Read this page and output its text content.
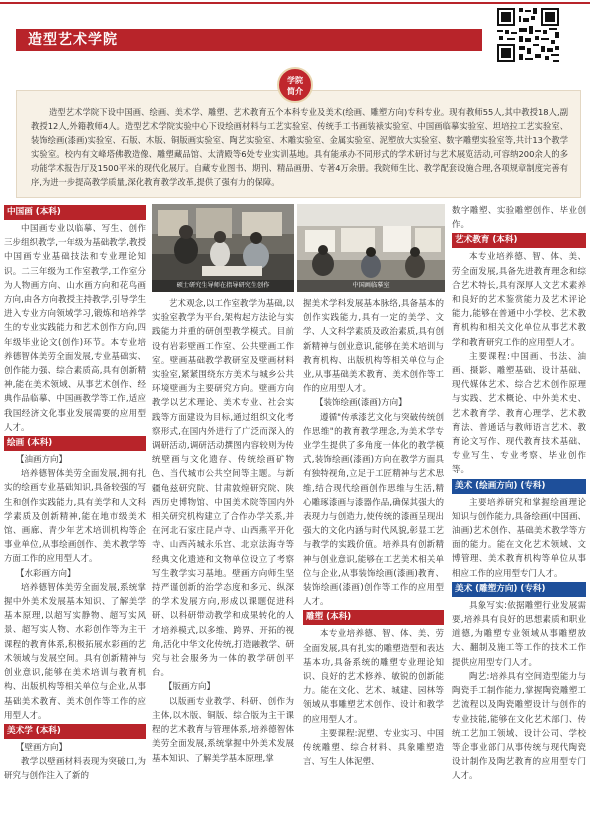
造型艺术学院
造型艺术学院下设中国画、绘画、美术学、雕塑、艺术教育五个本科专业及美术(绘画、雕塑方向)专科专业。现有教师55人,其中教授18人,副教授12人,外籍教师4人。造型艺术学院实验中心下设绘画材料与工艺实验室、传统手工书画装裱实验室、中国画临摹实验室、坦培拉工艺实验室、装饰绘画(漆画)实验室、石版、木版、铜版画实验室、陶艺实验室、木雕实验室、金属实验室、泥塑放大实验室、数字雕塑实验室等,共计13个教学实验室。校内有文峰塔佛教造像、雕塑藏品馆、太清殿等6处专业实训基地。具有能承办不同形式的学术研讨与艺术展览活动,可容纳200余人的多功能学术报告厅及1500平米的现代化展厅。自藏专业图书、期刊、精品画册、专著4万余册。我院师生比、教学配套设施合理,各项规章制度完善有序,为进一步提高教学质量,深化教育教学改革,提供了强有力的保障。
学院
简介
硕士研究生导师在指导研究生创作	中国画临摹室
中国画 (本科)

中国画专业以临摹、写生、创作三步组织教学,一年级为基础教学,教授中国画专业基础技法和专业理论知识。二三年级为工作室教学,工作室分为人物画方向、山水画方向和花鸟画方向,由各方向教授主持教学,引导学生进入专业方向领域学习,锻炼和培养学生的专业实践能力和艺术创作方向,四年级毕业论文(创作)环节。本专业培养德智体美劳全面发展,专业基础实、创作能力强、综合素质高,具有创新精神,能在美术领域、从事艺术创作、经典作品临摹、中国画教学等工作,适应我国经济文化事业发展需要的应用型人才。

绘画 (本科)
【油画方向】

培养德智体美劳全面发展,拥有扎实的绘画专业基础知识,具备较强的写生和创作实践能力,具有美学和人文科学素质及创新精神,能在地市级美术馆、画廊、青少年艺术培训机构等企事业单位,从事绘画创作、美术教学等方面工作的应用型人才。

【水彩画方向】

培养德智体美劳全面发展,系统掌握中外美术发展基本知识、了解美学基本原理,以超写实静物、超写实风景、超写实人物、水彩创作等为主干课程的教育体系,积极拓展水彩画的艺术领域与发展空间。具有创新精神与创业意识,能够在美术培训与教育机构、出版机构等相关单位与企业,从事基础美术教育、美术创作等工作的应用型人才。

美术学 (本科)
【壁画方向】

教学以壁画材料表现为突破口,为研究与创作注入了新的

艺术观念,以工作室教学为基础,以实验室教学为平台,架构起方法论与实践能力并重的研创型教学模式。目前设有岩彩壁画工作室、公共壁画工作室。壁画基础教学教研室及壁画材料实验室,紧紧围绕东方美术与城乡公共环境壁画为主要研究方向。壁画方向教学以艺术理论、美术专业、社会实践等方面建设为目标,通过组织文化考察形式,在国内外进行了广泛而深入的调研活动,调研活动撰图内容较则为传统壁画与文化遗存、传统绘画矿物色、当代城市公共空间等主题。与新疆龟兹研究院、甘肃敦煌研究院、陕西历史博物馆、中国美术院等国内外相关研究机构建立了合作办学关系,并在河北石家庄昆卢寺、山西燕平开化寺、山西芮城永乐宫、北京法海寺等经典文化遗迹和文物单位设立了考察写生教学实习基地。壁画方向师生坚持严谨创新的治学态度和多元、纵深的学术发展方向,形成以课题促进科研、以科研带动教学和成果转化的人才培养模式,以多维、跨界、开拓的视角,活化中华文化传统,打造融教学、研究与社会服务为一体的教学研创平台。

【版画方向】

以版画专业教学、科研、创作为主体,以木版、铜版、综合版为主干课程的艺术教育与管理体系,培养德智体美劳全面发展,系统掌握中外美术发展基本知识、了解美学基本原理,掌

握美术学科发展基本脉络,具备基本的创作实践能力,具有一定的美学、文学、人文科学素质及政治素质,具有创新精神与创业意识,能够在美术培训与教育机构、出版机构等相关单位与企业,从事基础美术教育、美术创作等工作的应用型人才。

【装饰绘画(漆画)方向】

遵循"传承漆艺文化与突破传统创作思维"的教育教学理念,为美术学专业学生提供了多角度一体化的教学模式,装饰绘画(漆画)方向在教学方面具有独特视角,立足于工匠精神与艺术思维,结合现代绘画创作思维与生活,精心雕琢漆画与漆器作品,确保其强大的表现力与创造力,使传统的漆画呈现出强大的文化内涵与时代风貌,彰显工艺与教学的实践价值。培养具有创新精神与创业意识,能够在工艺美术相关单位与企业,从事装饰绘画(漆画)教育、装饰绘画(漆画)创作等工作的应用型人才。

雕塑 (本科)

本专业培养德、智、体、美、劳全面发展,具有扎实的雕塑造型和表达基本功,具备系统的雕塑专业理论知识、良好的艺术修养、敏锐的创新能力。能在文化、艺术、城建、园林等领域从事雕塑艺术创作、设计和教学的应用型人才。

主要课程:泥塑、专业实习、中国传统雕塑、综合材料、具象雕塑造言、写生人体泥塑、

数字雕塑、实验雕塑创作、毕业创作。

艺术教育 (本科)

本专业培养德、智、体、美、劳全面发展,具备先进教育理念和综合艺术特长,具有深厚人文艺术素养和良好的艺术鉴赏能力及艺术评论能力,能够在普通中小学校、艺术教育机构和相关文化单位从事艺术教学和教育研究工作的应用型人才。

主要课程:中国画、书法、油画、摄影、雕塑基础、设计基础、现代媒体艺术、综合艺术创作原理与实践、艺术概论、中外美术史、艺术教育学、教育心理学、艺术教育法、普通话与教师语言艺术、教育论文写作、现代教育技术基础、专业写生、专业考察、毕业创作等。

美术 (绘画方向) (专科)

主要培养研究和掌握绘画理论知识与创作能力,具备绘画(中国画、油画)艺术创作、基础美术教学等方面的能力。能在文化艺术领域、文博管理、美术教育机构等单位从事相应工作的应用型专门人才。

美术 (雕塑方向) (专科)

具象写实:依据雕塑行业发展需要,培养具有良好的思想素质和职业道德,为雕塑专业领域从事雕塑放大、翻制及施工等工作的技术工作提供应用型专门人才。

陶艺:培养具有空间造型能力与陶瓷手工制作能力,掌握陶瓷雕塑工艺流程以及陶瓷雕塑设计与创作的专业技能,能够在文化艺术部门、传统工艺加工领域、设计公司、学校等企事业部门从事传统与现代陶瓷设计制作及陶艺教育的应用型专门人才。
